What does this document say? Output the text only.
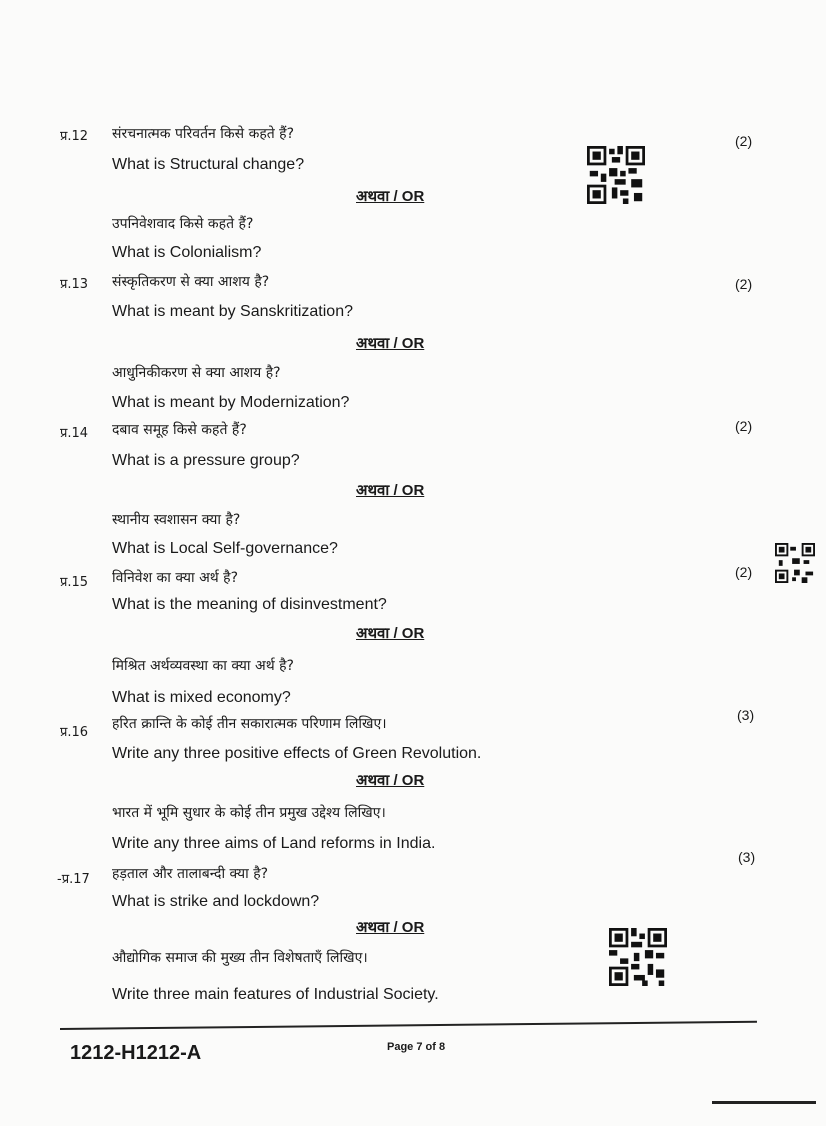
प्र.12 संरचनात्मक परिवर्तन किसे कहते हैं?	(2)
What is Structural change?
अथवा / OR
उपनिवेशवाद किसे कहते हैं?
What is Colonialism?
प्र.13 संस्कृतिकरण से क्या आशय है?	(2)
What is meant by Sanskritization?
अथवा / OR
आधुनिकीकरण से क्या आशय है?
What is meant by Modernization?
प्र.14 दबाव समूह किसे कहते हैं?	(2)
What is a pressure group?
अथवा / OR
स्थानीय स्वशासन क्या है?
What is Local Self-governance?
प्र.15 विनिवेश का क्या अर्थ है?	(2)
What is the meaning of disinvestment?
अथवा / OR
मिश्रित अर्थव्यवस्था का क्या अर्थ है?
What is mixed economy?
प्र.16
हरित क्रान्ति के कोई तीन सकारात्मक परिणाम लिखिए।
(3)
Write any three positive effects of Green Revolution.
अथवा / OR
भारत में भूमि सुधार के कोई तीन प्रमुख उद्देश्य लिखिए।
Write any three aims of Land reforms in India.
-प्र.17 हड़ताल और तालाबन्दी क्या है?
(3)
What is strike and lockdown?
अथवा / OR
औद्योगिक समाज की मुख्य तीन विशेषताएँ लिखिए।
Write three main features of Industrial Society.
1212-H1212-A	Page 7 of 8
